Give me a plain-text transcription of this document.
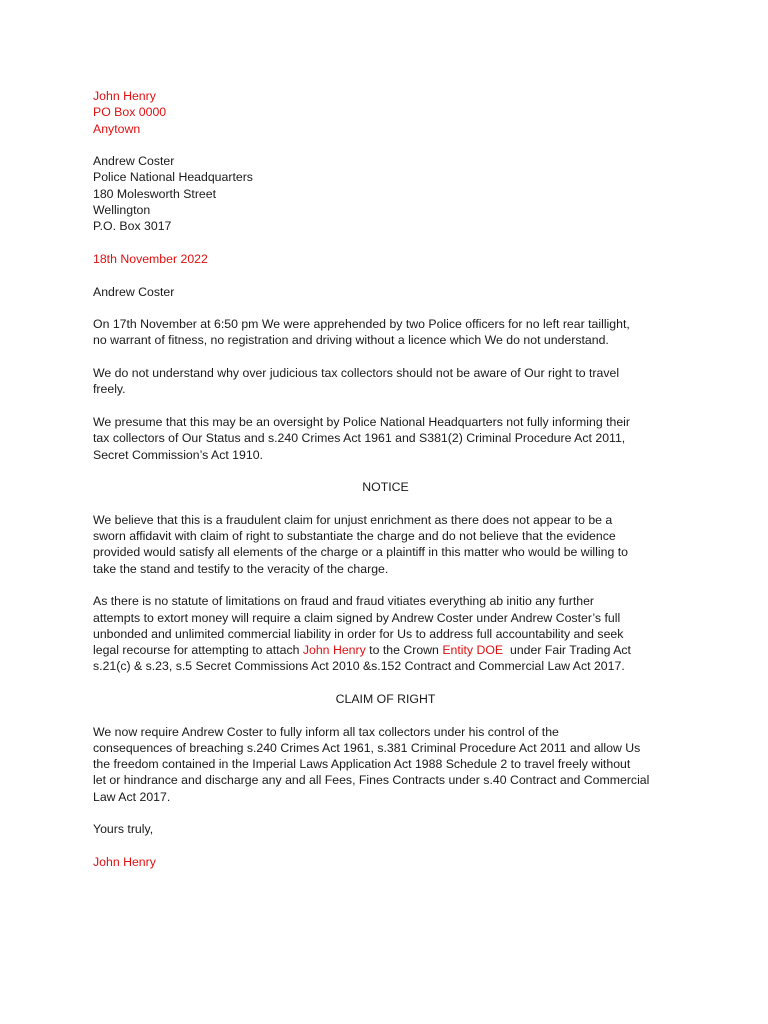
John Henry
PO Box 0000
Anytown
Andrew Coster
Police National Headquarters
180 Molesworth Street
Wellington
P.O. Box 3017
18th November 2022
Andrew Coster

On 17th November at 6:50 pm We were apprehended by two Police officers for no left rear taillight,
no warrant of fitness, no registration and driving without a licence which We do not understand.

We do not understand why over judicious tax collectors should not be aware of Our right to travel
freely.

We presume that this may be an oversight by Police National Headquarters not fully informing their
tax collectors of Our Status and s.240 Crimes Act 1961 and S381(2) Criminal Procedure Act 2011,
Secret Commission’s Act 1910.

NOTICE

We believe that this is a fraudulent claim for unjust enrichment as there does not appear to be a
sworn affidavit with claim of right to substantiate the charge and do not believe that the evidence
provided would satisfy all elements of the charge or a plaintiff in this matter who would be willing to
take the stand and testify to the veracity of the charge.

As there is no statute of limitations on fraud and fraud vitiates everything ab initio any further
attempts to extort money will require a claim signed by Andrew Coster under Andrew Coster’s full
unbonded and unlimited commercial liability in order for Us to address full accountability and seek
legal recourse for attempting to attach John Henry to the Crown Entity DOE  under Fair Trading Act
s.21(c) & s.23, s.5 Secret Commissions Act 2010 &s.152 Contract and Commercial Law Act 2017.

CLAIM OF RIGHT

We now require Andrew Coster to fully inform all tax collectors under his control of the
consequences of breaching s.240 Crimes Act 1961, s.381 Criminal Procedure Act 2011 and allow Us
the freedom contained in the Imperial Laws Application Act 1988 Schedule 2 to travel freely without
let or hindrance and discharge any and all Fees, Fines Contracts under s.40 Contract and Commercial
Law Act 2017.

Yours truly,
John Henry
